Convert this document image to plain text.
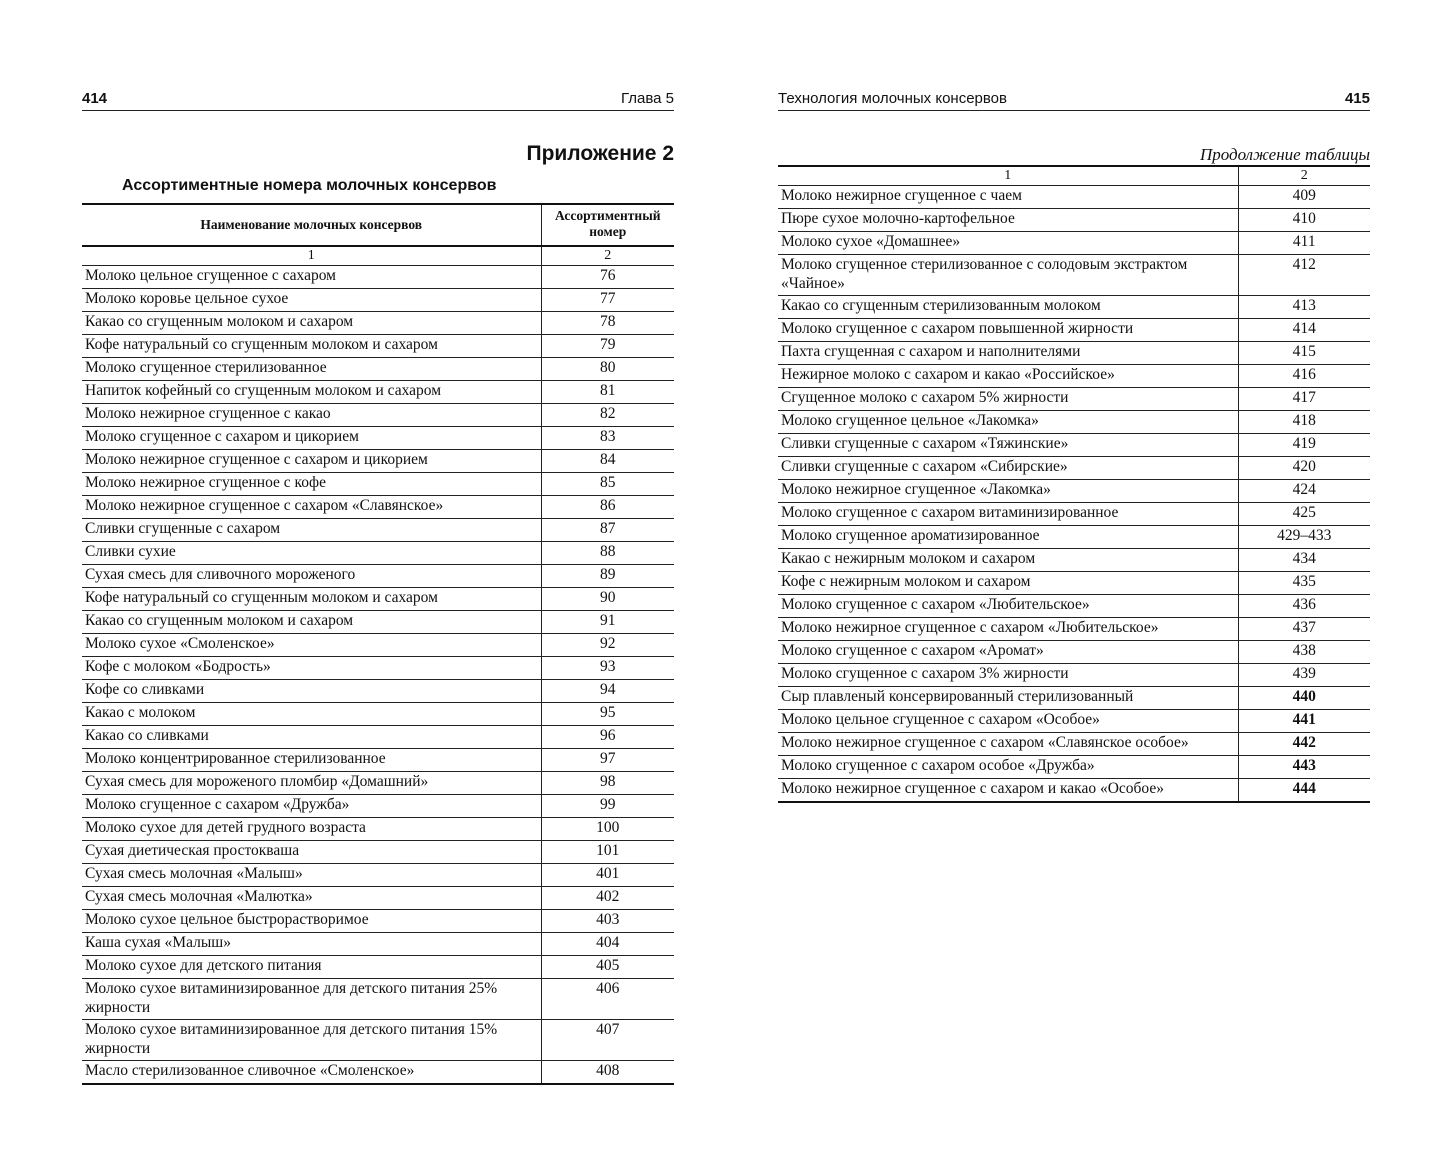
414	Глава 5
Приложение 2
Ассортиментные номера молочных консервов
Наименование молочных консервов	Ассортиментный номер
1	2
Молоко цельное сгущенное с сахаром	76
Молоко коровье цельное сухое	77
Какао со сгущенным молоком и сахаром	78
Кофе натуральный со сгущенным молоком и сахаром	79
Молоко сгущенное стерилизованное	80
Напиток кофейный со сгущенным молоком и сахаром	81
Молоко нежирное сгущенное с какао	82
Молоко сгущенное с сахаром и цикорием	83
Молоко нежирное сгущенное с сахаром и цикорием	84
Молоко нежирное сгущенное с кофе	85
Молоко нежирное сгущенное с сахаром «Славянское»	86
Сливки сгущенные с сахаром	87
Сливки сухие	88
Сухая смесь для сливочного мороженого	89
Кофе натуральный со сгущенным молоком и сахаром	90
Какао со сгущенным молоком и сахаром	91
Молоко сухое «Смоленское»	92
Кофе с молоком «Бодрость»	93
Кофе со сливками	94
Какао с молоком	95
Какао со сливками	96
Молоко концентрированное стерилизованное	97
Сухая смесь для мороженого пломбир «Домашний»	98
Молоко сгущенное с сахаром «Дружба»	99
Молоко сухое для детей грудного возраста	100
Сухая диетическая простокваша	101
Сухая смесь молочная «Малыш»	401
Сухая смесь молочная «Малютка»	402
Молоко сухое цельное быстрорастворимое	403
Каша сухая «Малыш»	404
Молоко сухое для детского питания	405
Молоко сухое витаминизированное для детского питания 25% жирности	406
Молоко сухое витаминизированное для детского питания 15% жирности	407
Масло стерилизованное сливочное «Смоленское»	408
Технология молочных консервов	415
Продолжение таблицы
1	2
Молоко нежирное сгущенное с чаем	409
Пюре сухое молочно-картофельное	410
Молоко сухое «Домашнее»	411
Молоко сгущенное стерилизованное с солодовым экстрактом «Чайное»	412
Какао со сгущенным стерилизованным молоком	413
Молоко сгущенное с сахаром повышенной жирности	414
Пахта сгущенная с сахаром и наполнителями	415
Нежирное молоко с сахаром и какао «Российское»	416
Сгущенное молоко с сахаром 5% жирности	417
Молоко сгущенное цельное «Лакомка»	418
Сливки сгущенные с сахаром «Тяжинские»	419
Сливки сгущенные с сахаром «Сибирские»	420
Молоко нежирное сгущенное «Лакомка»	424
Молоко сгущенное с сахаром витаминизированное	425
Молоко сгущенное ароматизированное	429–433
Какао с нежирным молоком и сахаром	434
Кофе с нежирным молоком и сахаром	435
Молоко сгущенное с сахаром «Любительское»	436
Молоко нежирное сгущенное с сахаром «Любительское»	437
Молоко сгущенное с сахаром «Аромат»	438
Молоко сгущенное с сахаром 3% жирности	439
Сыр плавленый консервированный стерилизованный	440
Молоко цельное сгущенное с сахаром «Особое»	441
Молоко нежирное сгущенное с сахаром «Славянское особое»	442
Молоко сгущенное с сахаром особое «Дружба»	443
Молоко нежирное сгущенное с сахаром и какао «Особое»	444
